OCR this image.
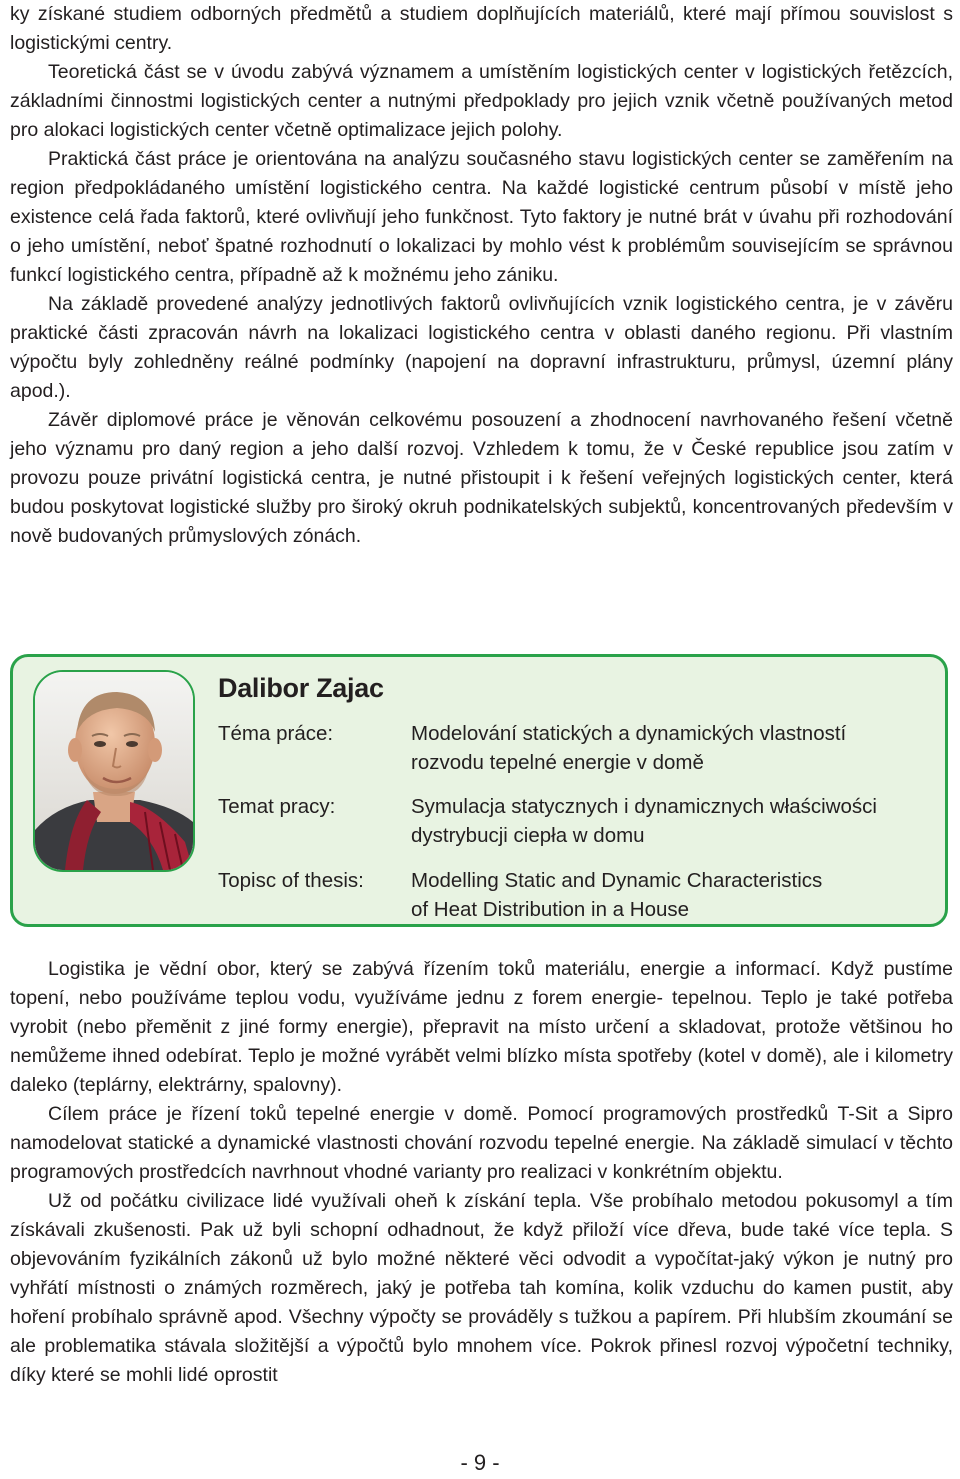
ky získané studiem odborných předmětů a studiem doplňujících materiálů, které mají přímou souvislost s logistickými centry.

Teoretická část se v úvodu zabývá významem a umístěním logistických center v logistických řetězcích, základními činnostmi logistických center a nutnými předpoklady pro jejich vznik včetně používaných metod pro alokaci logistických center včetně optimalizace jejich polohy.

Praktická část práce je orientována na analýzu současného stavu logistických center se zaměřením na region předpokládaného umístění logistického centra. Na každé logistické centrum působí v místě jeho existence celá řada faktorů, které ovlivňují jeho funkčnost. Tyto faktory je nutné brát v úvahu při rozhodování o jeho umístění, neboť špatné rozhodnutí o lokalizaci by mohlo vést k problémům souvisejícím se správnou funkcí logistického centra, případně až k možnému jeho zániku.

Na základě provedené analýzy jednotlivých faktorů ovlivňujících vznik logistického centra, je v závěru praktické části zpracován návrh na lokalizaci logistického centra v oblasti daného regionu. Při vlastním výpočtu byly zohledněny reálné podmínky (napojení na dopravní infrastrukturu, průmysl, územní plány apod.).

Závěr diplomové práce je věnován celkovému posouzení a zhodnocení navrhovaného řešení včetně jeho významu pro daný region a jeho další rozvoj. Vzhledem k tomu, že v České republice jsou zatím v provozu pouze privátní logistická centra, je nutné přistoupit i k řešení veřejných logistických center, která budou poskytovat logistické služby pro široký okruh podnikatelských subjektů, koncentrovaných především v nově budovaných průmyslových zónách.

Dalibor Zajac
Téma práce:	Modelování statických a dynamických vlastností
rozvodu tepelné energie v domě
Temat pracy:	Symulacja statycznych i dynamicznych właściwości
dystrybucji ciepła w domu
Topisc of thesis: Modelling Static and Dynamic Characteristics
of Heat Distribution in a House

Logistika je vědní obor, který se zabývá řízením toků materiálu, energie a informací. Když pustíme topení, nebo používáme teplou vodu, využíváme jednu z forem energie- tepelnou. Teplo je také potřeba vyrobit (nebo přeměnit z jiné formy energie), přepravit na místo určení a skladovat, protože většinou ho nemůžeme ihned odebírat. Teplo je možné vyrábět velmi blízko místa spotřeby (kotel v domě), ale i kilometry daleko (teplárny, elektrárny, spalovny).

Cílem práce je řízení toků tepelné energie v domě. Pomocí programových prostředků T-Sit a Sipro namodelovat statické a dynamické vlastnosti chování rozvodu tepelné energie. Na základě simulací v těchto programových prostředcích navrhnout vhodné varianty pro realizaci v konkrétním objektu.

Už od počátku civilizace lidé využívali oheň k získání tepla. Vše probíhalo metodou pokusomyl a tím získávali zkušenosti. Pak už byli schopní odhadnout, že když přiloží více dřeva, bude také více tepla. S objevováním fyzikálních zákonů už bylo možné některé věci odvodit a vypočítat-jaký výkon je nutný pro vyhřátí místnosti o známých rozměrech, jaký je potřeba tah komína, kolik vzduchu do kamen pustit, aby hoření probíhalo správně apod. Všechny výpočty se prováděly s tužkou a papírem. Při hlubším zkoumání se ale problematika stávala složitější a výpočtů bylo mnohem více. Pokrok přinesl rozvoj výpočetní techniky, díky které se mohli lidé oprostit

- 9 -
